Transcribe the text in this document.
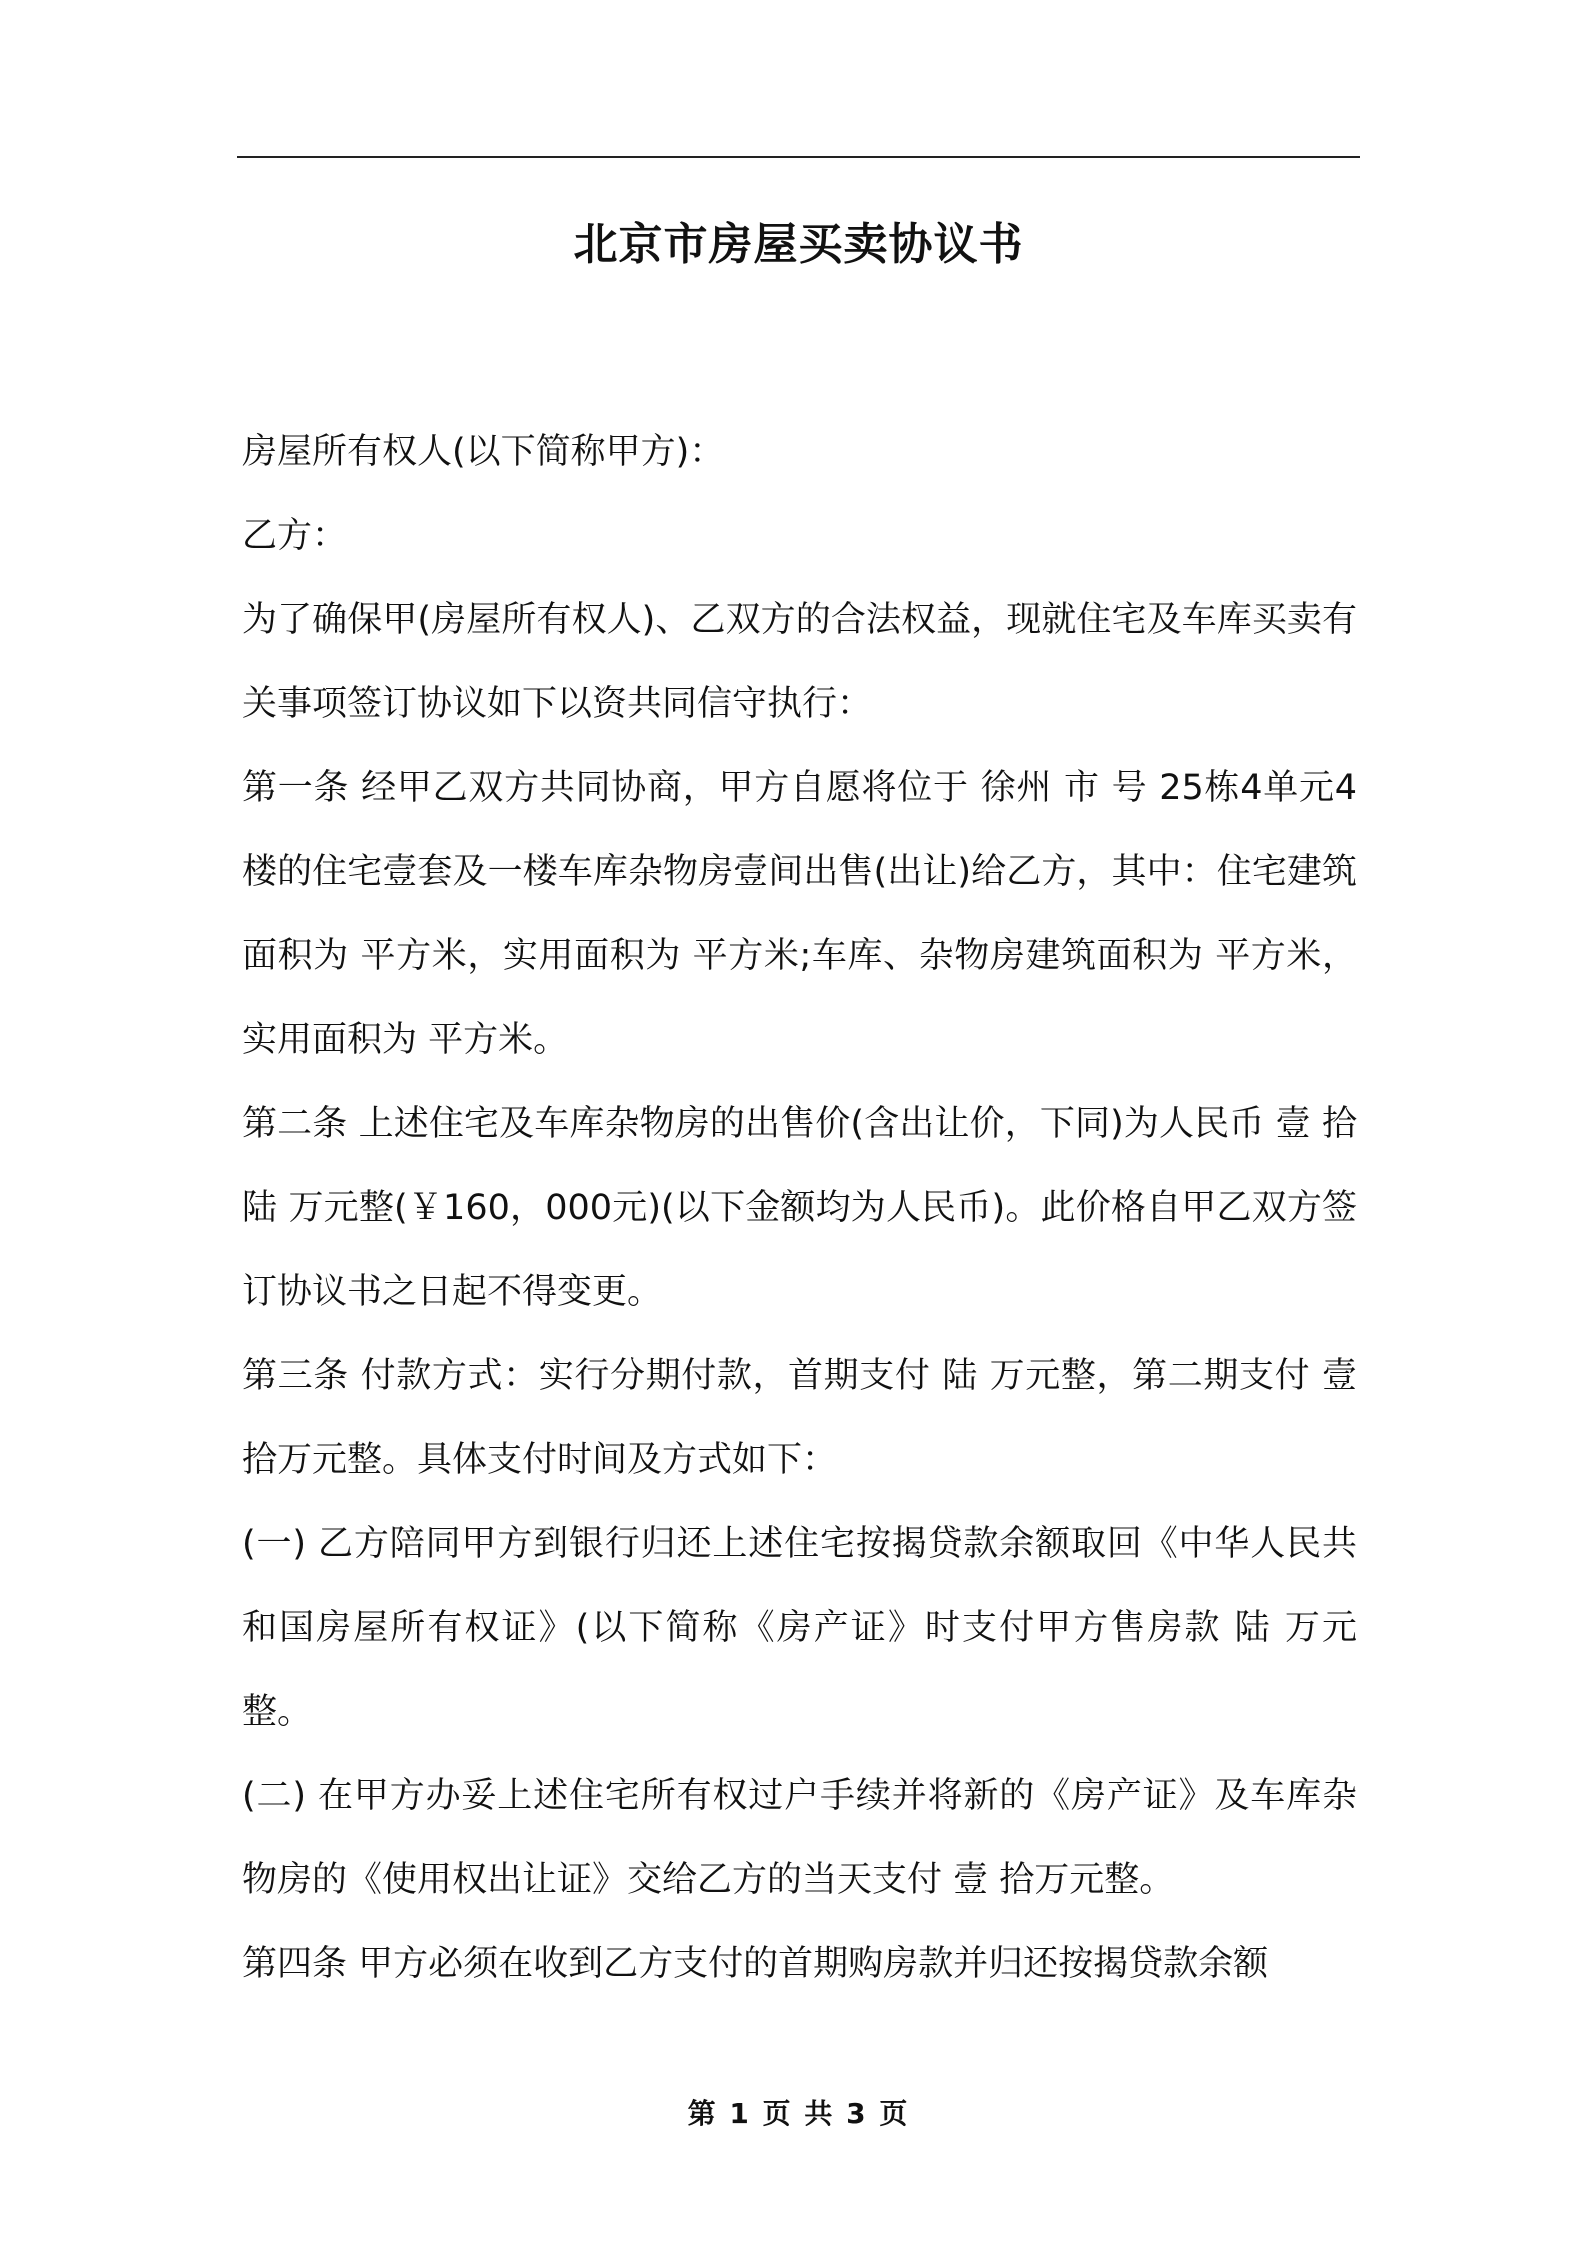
北京市房屋买卖协议书

房屋所有权人(以下简称甲方)：

乙方：

为了确保甲(房屋所有权人)、乙双方的合法权益，现就住宅及车库买卖有关事项签订协议如下以资共同信守执行：

第一条 经甲乙双方共同协商，甲方自愿将位于 徐州 市 号 25栋4单元4楼的住宅壹套及一楼车库杂物房壹间出售(出让)给乙方，其中：住宅建筑面积为 平方米，实用面积为 平方米;车库、杂物房建筑面积为 平方米，实用面积为 平方米。

第二条 上述住宅及车库杂物房的出售价(含出让价，下同)为人民币 壹 拾 陆 万元整(￥160，000元)(以下金额均为人民币)。此价格自甲乙双方签订协议书之日起不得变更。

第三条 付款方式：实行分期付款，首期支付 陆 万元整，第二期支付 壹 拾万元整。具体支付时间及方式如下：

(一) 乙方陪同甲方到银行归还上述住宅按揭贷款余额取回《中华人民共和国房屋所有权证》(以下简称《房产证》时支付甲方售房款 陆 万元整。

(二) 在甲方办妥上述住宅所有权过户手续并将新的《房产证》及车库杂物房的《使用权出让证》交给乙方的当天支付 壹 拾万元整。

第四条 甲方必须在收到乙方支付的首期购房款并归还按揭贷款余额

第 1 页 共 3 页
